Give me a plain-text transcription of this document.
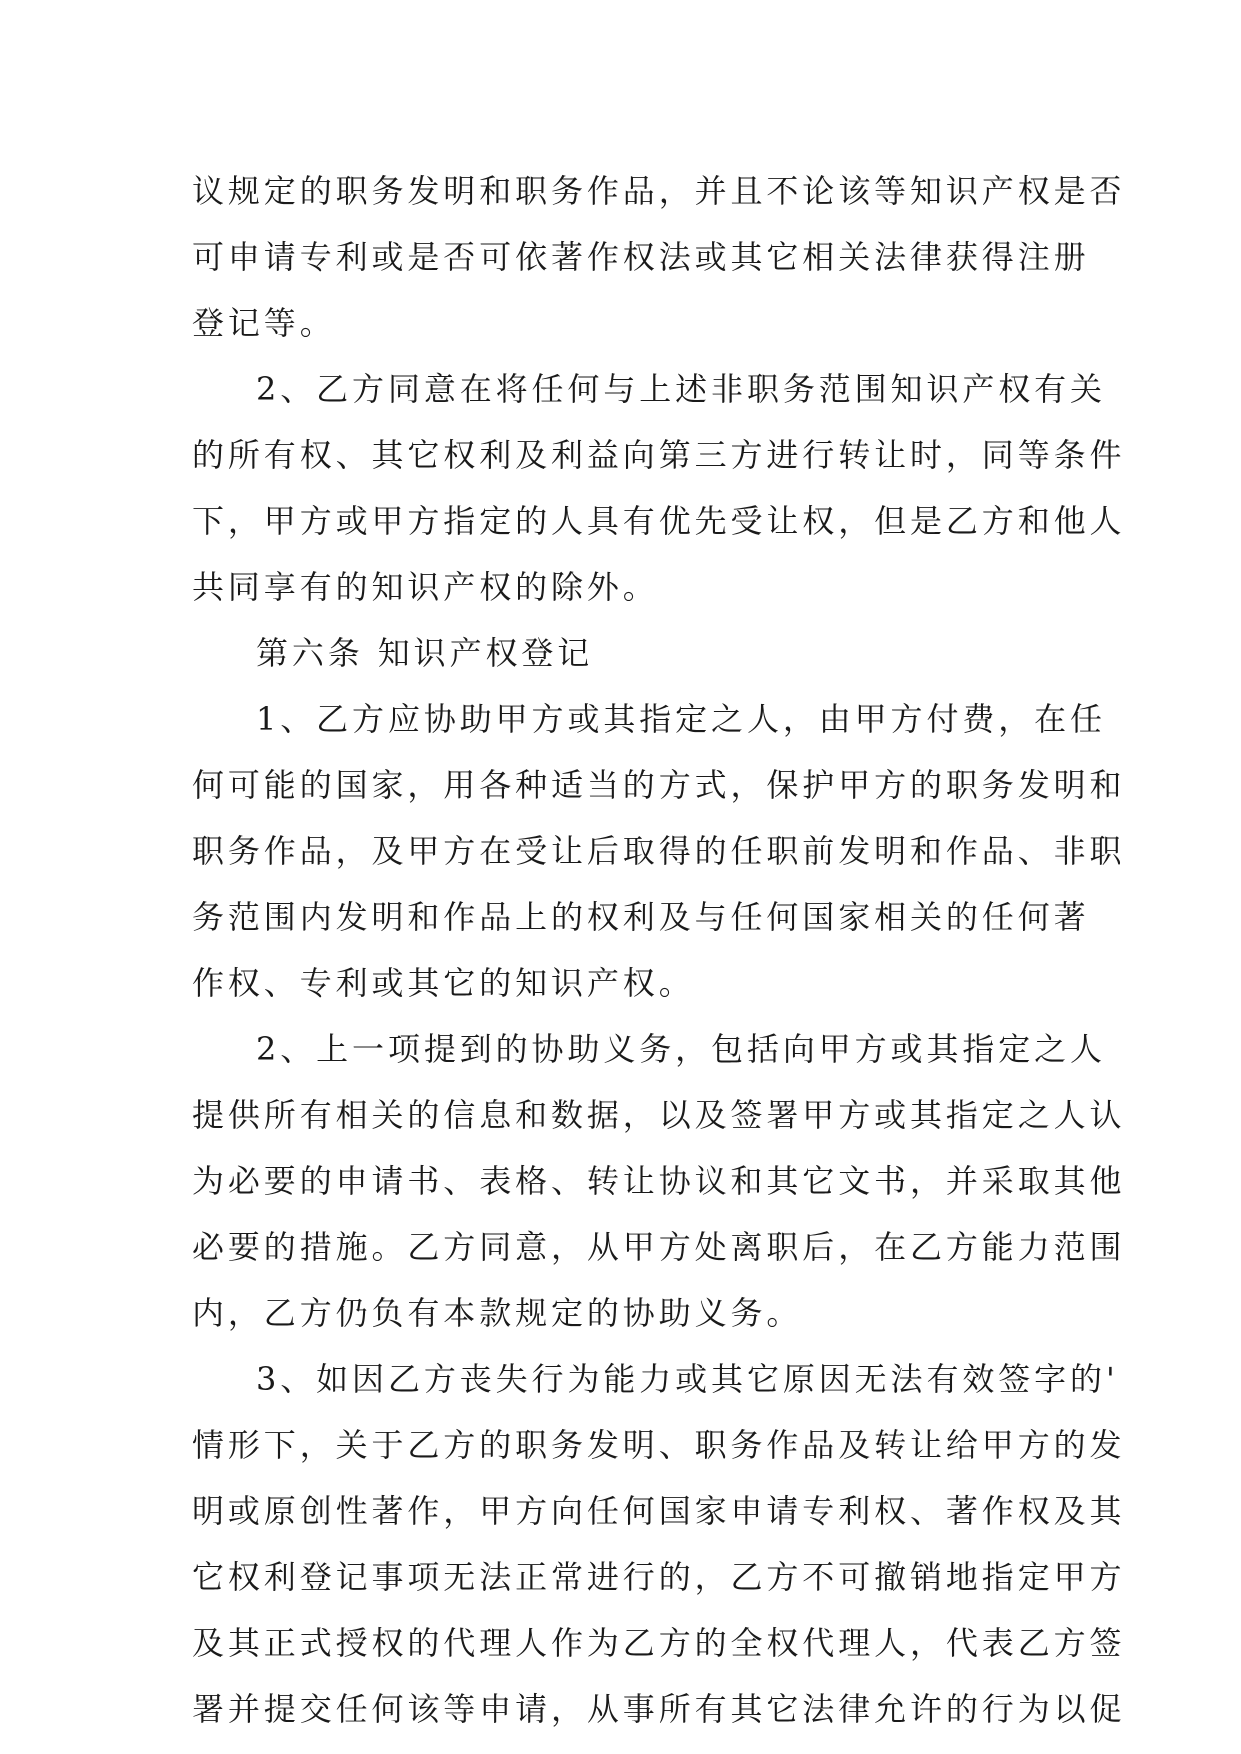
议规定的职务发明和职务作品，并且不论该等知识产权是否
可申请专利或是否可依著作权法或其它相关法律获得注册
登记等。
2、乙方同意在将任何与上述非职务范围知识产权有关
的所有权、其它权利及利益向第三方进行转让时，同等条件
下，甲方或甲方指定的人具有优先受让权，但是乙方和他人
共同享有的知识产权的除外。
第六条 知识产权登记
1、乙方应协助甲方或其指定之人，由甲方付费，在任
何可能的国家，用各种适当的方式，保护甲方的职务发明和
职务作品，及甲方在受让后取得的任职前发明和作品、非职
务范围内发明和作品上的权利及与任何国家相关的任何著
作权、专利或其它的知识产权。
2、上一项提到的协助义务，包括向甲方或其指定之人
提供所有相关的信息和数据，以及签署甲方或其指定之人认
为必要的申请书、表格、转让协议和其它文书，并采取其他
必要的措施。乙方同意，从甲方处离职后，在乙方能力范围
内，乙方仍负有本款规定的协助义务。
3、如因乙方丧失行为能力或其它原因无法有效签字的'
情形下，关于乙方的职务发明、职务作品及转让给甲方的发
明或原创性著作，甲方向任何国家申请专利权、著作权及其
它权利登记事项无法正常进行的，乙方不可撤销地指定甲方
及其正式授权的代理人作为乙方的全权代理人，代表乙方签
署并提交任何该等申请，从事所有其它法律允许的行为以促
